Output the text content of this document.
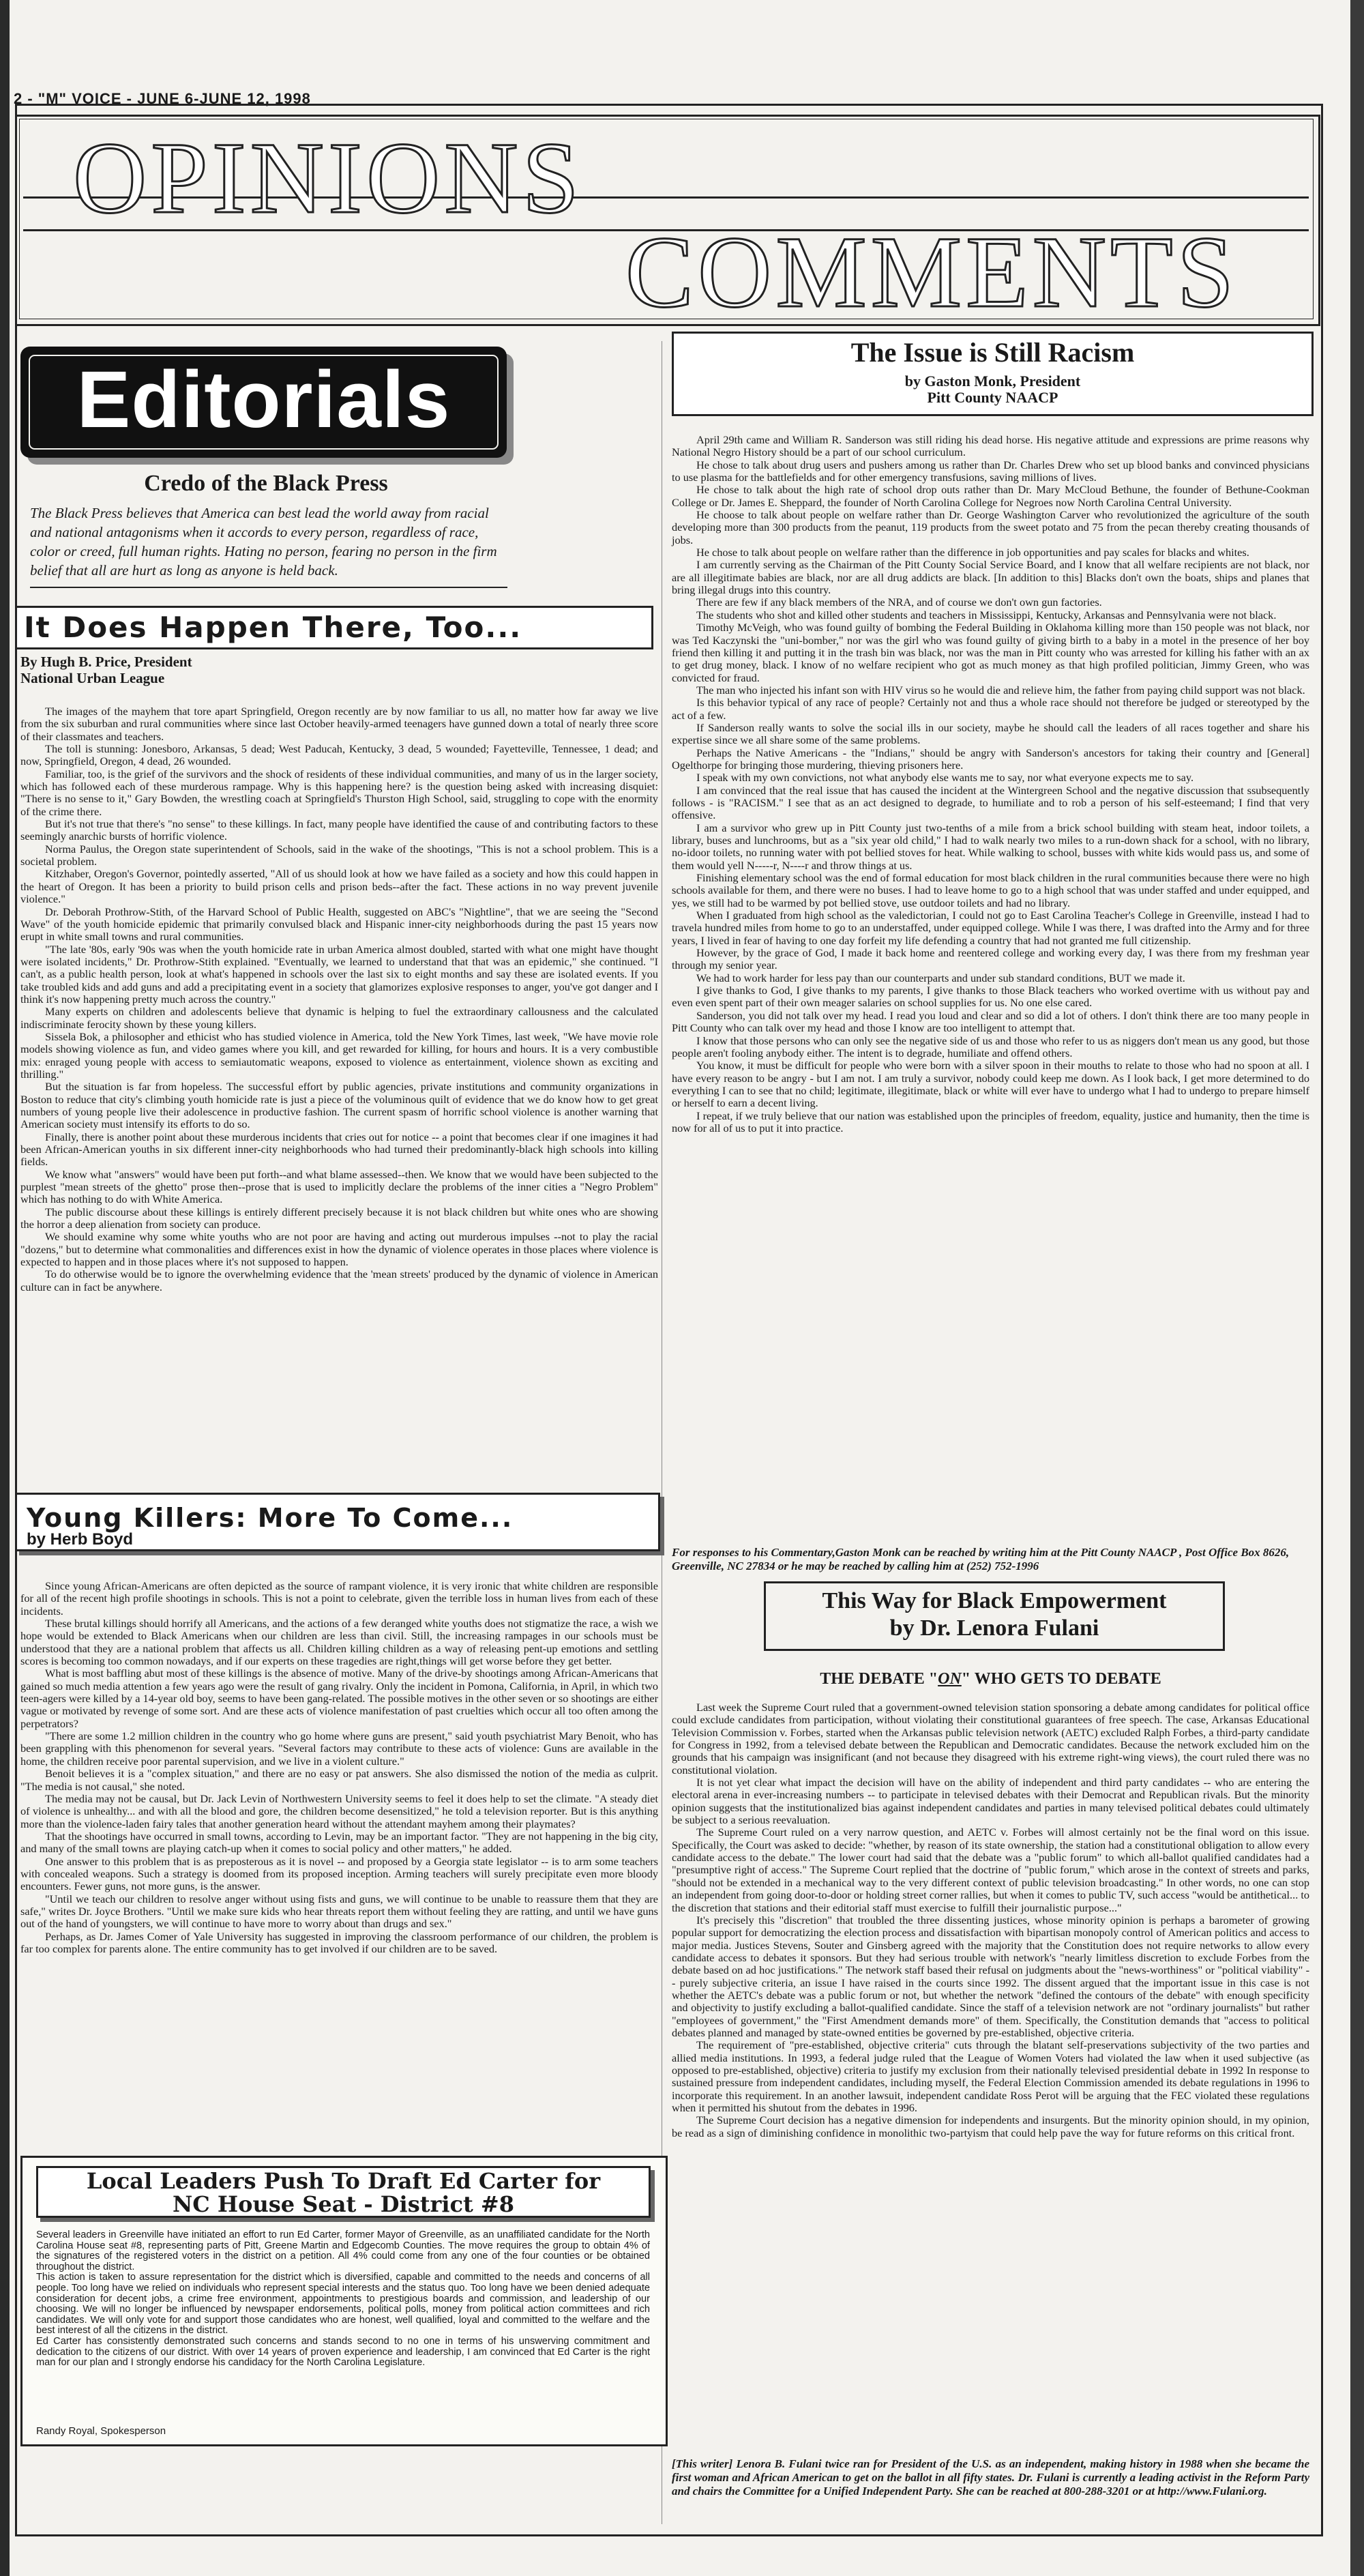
2 - "M" VOICE - JUNE 6-JUNE 12, 1998
OPINIONS
COMMENTS
Editorials
Credo of the Black Press
The Black Press believes that America can best lead the world away from racial and national antagonisms when it accords to every person, regardless of race, color or creed, full human rights. Hating no person, fearing no person in the firm belief that all are hurt as long as anyone is held back.
It Does Happen There, Too...
By Hugh B. Price, President
National Urban League

The images of the mayhem that tore apart Springfield, Oregon recently are by now familiar to us all, no matter how far away we live from the six suburban and rural communities where since last October heavily-armed teenagers have gunned down a total of nearly three score of their classmates and teachers.

The toll is stunning: Jonesboro, Arkansas, 5 dead; West Paducah, Kentucky, 3 dead, 5 wounded; Fayetteville, Tennessee, 1 dead; and now, Springfield, Oregon, 4 dead, 26 wounded.

Familiar, too, is the grief of the survivors and the shock of residents of these individual communities, and many of us in the larger society, which has followed each of these murderous rampage. Why is this happening here? is the question being asked with increasing disquiet: "There is no sense to it," Gary Bowden, the wrestling coach at Springfield's Thurston High School, said, struggling to cope with the enormity of the crime there.

But it's not true that there's "no sense" to these killings. In fact, many people have identified the cause of and contributing factors to these seemingly anarchic bursts of horrific violence.

Norma Paulus, the Oregon state superintendent of Schools, said in the wake of the shootings, "This is not a school problem. This is a societal problem.

Kitzhaber, Oregon's Governor, pointedly asserted, "All of us should look at how we have failed as a society and how this could happen in the heart of Oregon. It has been a priority to build prison cells and prison beds--after the fact. These actions in no way prevent juvenile violence."

Dr. Deborah Prothrow-Stith, of the Harvard School of Public Health, suggested on ABC's "Nightline", that we are seeing the "Second Wave" of the youth homicide epidemic that primarily convulsed black and Hispanic inner-city neighborhoods during the past 15 years now erupt in white small towns and rural communities.

"The late '80s, early '90s was when the youth homicide rate in urban America almost doubled, started with what one might have thought were isolated incidents," Dr. Prothrow-Stith explained. "Eventually, we learned to understand that that was an epidemic," she continued. "I can't, as a public health person, look at what's happened in schools over the last six to eight months and say these are isolated events. If you take troubled kids and add guns and add a precipitating event in a society that glamorizes explosive responses to anger, you've got danger and I think it's now happening pretty much across the country."

Many experts on children and adolescents believe that dynamic is helping to fuel the extraordinary callousness and the calculated indiscriminate ferocity shown by these young killers.

Sissela Bok, a philosopher and ethicist who has studied violence in America, told the New York Times, last week, "We have movie role models showing violence as fun, and video games where you kill, and get rewarded for killing, for hours and hours. It is a very combustible mix: enraged young people with access to semiautomatic weapons, exposed to violence as entertainment, violence shown as exciting and thrilling."

But the situation is far from hopeless. The successful effort by public agencies, private institutions and community organizations in Boston to reduce that city's climbing youth homicide rate is just a piece of the voluminous quilt of evidence that we do know how to get great numbers of young people live their adolescence in productive fashion. The current spasm of horrific school violence is another warning that American society must intensify its efforts to do so.

Finally, there is another point about these murderous incidents that cries out for notice -- a point that becomes clear if one imagines it had been African-American youths in six different inner-city neighborhoods who had turned their predominantly-black high schools into killing fields.

We know what "answers" would have been put forth--and what blame assessed--then. We know that we would have been subjected to the purplest "mean streets of the ghetto" prose then--prose that is used to implicitly declare the problems of the inner cities a "Negro Problem" which has nothing to do with White America.

The public discourse about these killings is entirely different precisely because it is not black children but white ones who are showing the horror a deep alienation from society can produce.

We should examine why some white youths who are not poor are having and acting out murderous impulses --not to play the racial "dozens," but to determine what commonalities and differences exist in how the dynamic of violence operates in those places where violence is expected to happen and in those places where it's not supposed to happen.

To do otherwise would be to ignore the overwhelming evidence that the 'mean streets' produced by the dynamic of violence in American culture can in fact be anywhere.

Young Killers: More To Come...
by Herb Boyd

Since young African-Americans are often depicted as the source of rampant violence, it is very ironic that white children are responsible for all of the recent high profile shootings in schools. This is not a point to celebrate, given the terrible loss in human lives from each of these incidents.

These brutal killings should horrify all Americans, and the actions of a few deranged white youths does not stigmatize the race, a wish we hope would be extended to Black Americans when our children are less than civil. Still, the increasing rampages in our schools must be understood that they are a national problem that affects us all. Children killing children as a way of releasing pent-up emotions and settling scores is becoming too common nowadays, and if our experts on these tragedies are right,things will get worse before they get better.

What is most baffling abut most of these killings is the absence of motive. Many of the drive-by shootings among African-Americans that gained so much media attention a few years ago were the result of gang rivalry. Only the incident in Pomona, California, in April, in which two teen-agers were killed by a 14-year old boy, seems to have been gang-related. The possible motives in the other seven or so shootings are either vague or motivated by revenge of some sort. And are these acts of violence manifestation of past cruelties which occur all too often among the perpetrators?

"There are some 1.2 million children in the country who go home where guns are present," said youth psychiatrist Mary Benoit, who has been grappling with this phenomenon for several years. "Several factors may contribute to these acts of violence: Guns are available in the home, the children receive poor parental supervision, and we live in a violent culture."

Benoit believes it is a "complex situation," and there are no easy or pat answers. She also dismissed the notion of the media as culprit. "The media is not causal," she noted.

The media may not be causal, but Dr. Jack Levin of Northwestern University seems to feel it does help to set the climate. "A steady diet of violence is unhealthy... and with all the blood and gore, the children become desensitized," he told a television reporter. But is this anything more than the violence-laden fairy tales that another generation heard without the attendant mayhem among their playmates?

That the shootings have occurred in small towns, according to Levin, may be an important factor. "They are not happening in the big city, and many of the small towns are playing catch-up when it comes to social policy and other matters," he added.

One answer to this problem that is as preposterous as it is novel -- and proposed by a Georgia state legislator -- is to arm some teachers with concealed weapons. Such a strategy is doomed from its proposed inception. Arming teachers will surely precipitate even more bloody encounters. Fewer guns, not more guns, is the answer.

"Until we teach our children to resolve anger without using fists and guns, we will continue to be unable to reassure them that they are safe," writes Dr. Joyce Brothers. "Until we make sure kids who hear threats report them without feeling they are ratting, and until we have guns out of the hand of youngsters, we will continue to have more to worry about than drugs and sex."

Perhaps, as Dr. James Comer of Yale University has suggested in improving the classroom performance of our children, the problem is far too complex for parents alone. The entire community has to get involved if our children are to be saved.

Local Leaders Push To Draft Ed Carter for
NC House Seat - District #8

Several leaders in Greenville have initiated an effort to run Ed Carter, former Mayor of Greenville, as an unaffiliated candidate for the North Carolina House seat #8, representing parts of Pitt, Greene Martin and Edgecomb Counties. The move requires the group to obtain 4% of the signatures of the registered voters in the district on a petition. All 4% could come from any one of the four counties or be obtained throughout the district.

This action is taken to assure representation for the district which is diversified, capable and committed to the needs and concerns of all people. Too long have we relied on individuals who represent special interests and the status quo. Too long have we been denied adequate consideration for decent jobs, a crime free environment, appointments to prestigious boards and commission, and leadership of our choosing. We will no longer be influenced by newspaper endorsements, political polls, money from political action committees and rich candidates. We will only vote for and support those candidates who are honest, well qualified, loyal and committed to the welfare and the best interest of all the citizens in the district.

Ed Carter has consistently demonstrated such concerns and stands second to no one in terms of his unswerving commitment and dedication to the citizens of our district. With over 14 years of proven experience and leadership, I am convinced that Ed Carter is the right man for our plan and I strongly endorse his candidacy for the North Carolina Legislature.

Randy Royal, Spokesperson
The Issue is Still Racism
by Gaston Monk, President
Pitt County NAACP

April 29th came and William R. Sanderson was still riding his dead horse. His negative attitude and expressions are prime reasons why National Negro History should be a part of our school curriculum.

He chose to talk about drug users and pushers among us rather than Dr. Charles Drew who set up blood banks and convinced physicians to use plasma for the battlefields and for other emergency transfusions, saving millions of lives.

He chose to talk about the high rate of school drop outs rather than Dr. Mary McCloud Bethune, the founder of Bethune-Cookman College or Dr. James E. Sheppard, the founder of North Carolina College for Negroes now North Carolina Central University.

He choose to talk about people on welfare rather than Dr. George Washington Carver who revolutionized the agriculture of the south developing more than 300 products from the peanut, 119 products from the sweet potato and 75 from the pecan thereby creating thousands of jobs.

He chose to talk about people on welfare rather than the difference in job opportunities and pay scales for blacks and whites.

I am currently serving as the Chairman of the Pitt County Social Service Board, and I know that all welfare recipients are not black, nor are all illegitimate babies are black, nor are all drug addicts are black. [In addition to this] Blacks don't own the boats, ships and planes that bring illegal drugs into this country.

There are few if any black members of the NRA, and of course we don't own gun factories.

The students who shot and killed other students and teachers in Mississippi, Kentucky, Arkansas and Pennsylvania were not black.

Timothy McVeigh, who was found guilty of bombing the Federal Building in Oklahoma killing more than 150 people was not black, nor was Ted Kaczynski the "uni-bomber," nor was the girl who was found guilty of giving birth to a baby in a motel in the presence of her boy friend then killing it and putting it in the trash bin was black, nor was the man in Pitt county who was arrested for killing his father with an ax to get drug money, black. I know of no welfare recipient who got as much money as that high profiled politician, Jimmy Green, who was convicted for fraud.

The man who injected his infant son with HIV virus so he would die and relieve him, the father from paying child support was not black.

Is this behavior typical of any race of people? Certainly not and thus a whole race should not therefore be judged or stereotyped by the act of a few.

If Sanderson really wants to solve the social ills in our society, maybe he should call the leaders of all races together and share his expertise since we all share some of the same problems.

Perhaps the Native Americans - the "Indians," should be angry with Sanderson's ancestors for taking their country and [General] Ogelthorpe for bringing those murdering, thieving prisoners here.

I speak with my own convictions, not what anybody else wants me to say, nor what everyone expects me to say.

I am convinced that the real issue that has caused the incident at the Wintergreen School and the negative discussion that ssubsequently follows - is "RACISM." I see that as an act designed to degrade, to humiliate and to rob a person of his self-esteemand; I find that very offensive.

I am a survivor who grew up in Pitt County just two-tenths of a mile from a brick school building with steam heat, indoor toilets, a library, buses and lunchrooms, but as a "six year old child," I had to walk nearly two miles to a run-down shack for a school, with no library, no-idoor toilets, no running water with pot bellied stoves for heat. While walking to school, busses with white kids would pass us, and some of them would yell N-----r, N----r and throw things at us.

Finishing elementary school was the end of formal education for most black children in the rural communities because there were no high schools available for them, and there were no buses. I had to leave home to go to a high school that was under staffed and under equipped, and yes, we still had to be warmed by pot bellied stove, use outdoor toilets and had no library.

When I graduated from high school as the valedictorian, I could not go to East Carolina Teacher's College in Greenville, instead I had to travela hundred miles from home to go to an understaffed, under equipped college. While I was there, I was drafted into the Army and for three years, I lived in fear of having to one day forfeit my life defending a country that had not granted me full citizenship.

However, by the grace of God, I made it back home and reentered college and working every day, I was there from my freshman year through my senior year.

We had to work harder for less pay than our counterparts and under sub standard conditions, BUT we made it.

I give thanks to God, I give thanks to my parents, I give thanks to those Black teachers who worked overtime with us without pay and even even spent part of their own meager salaries on school supplies for us. No one else cared.

Sanderson, you did not talk over my head. I read you loud and clear and so did a lot of others. I don't think there are too many people in Pitt County who can talk over my head and those I know are too intelligent to attempt that.

I know that those persons who can only see the negative side of us and those who refer to us as niggers don't mean us any good, but those people aren't fooling anybody either. The intent is to degrade, humiliate and offend others.

You know, it must be difficult for people who were born with a silver spoon in their mouths to relate to those who had no spoon at all. I have every reason to be angry - but I am not. I am truly a survivor, nobody could keep me down. As I look back, I get more determined to do everything I can to see that no child; legitimate, illegitimate, black or white will ever have to undergo what I had to undergo to prepare himself or herself to earn a decent living.

I repeat, if we truly believe that our nation was established upon the principles of freedom, equality, justice and humanity, then the time is now for all of us to put it into practice.

For responses to his Commentary,Gaston Monk can be reached by writing him at the Pitt County NAACP , Post Office Box 8626, Greenville, NC 27834 or he may be reached by calling him at (252) 752-1996
This Way for Black Empowerment
by Dr. Lenora Fulani
THE DEBATE "ON" WHO GETS TO DEBATE

Last week the Supreme Court ruled that a government-owned television station sponsoring a debate among candidates for political office could exclude candidates from participation, without violating their constitutional guarantees of free speech. The case, Arkansas Educational Television Commission v. Forbes, started when the Arkansas public television network (AETC) excluded Ralph Forbes, a third-party candidate for Congress in 1992, from a televised debate between the Republican and Democratic candidates. Because the network excluded him on the grounds that his campaign was insignificant (and not because they disagreed with his extreme right-wing views), the court ruled there was no constitutional violation.

It is not yet clear what impact the decision will have on the ability of independent and third party candidates -- who are entering the electoral arena in ever-increasing numbers -- to participate in televised debates with their Democrat and Republican rivals. But the minority opinion suggests that the institutionalized bias against independent candidates and parties in many televised political debates could ultimately be subject to a serious reevaluation.

The Supreme Court ruled on a very narrow question, and AETC v. Forbes will almost certainly not be the final word on this issue. Specifically, the Court was asked to decide: "whether, by reason of its state ownership, the station had a constitutional obligation to allow every candidate access to the debate." The lower court had said that the debate was a "public forum" to which all-ballot qualified candidates had a "presumptive right of access." The Supreme Court replied that the doctrine of "public forum," which arose in the context of streets and parks, "should not be extended in a mechanical way to the very different context of public television broadcasting." In other words, no one can stop an independent from going door-to-door or holding street corner rallies, but when it comes to public TV, such access "would be antithetical... to the discretion that stations and their editorial staff must exercise to fulfill their journalistic purpose..."

It's precisely this "discretion" that troubled the three dissenting justices, whose minority opinion is perhaps a barometer of growing popular support for democratizing the election process and dissatisfaction with bipartisan monopoly control of American politics and access to major media. Justices Stevens, Souter and Ginsberg agreed with the majority that the Constitution does not require networks to allow every candidate access to debates it sponsors. But they had serious trouble with network's "nearly limitless discretion to exclude Forbes from the debate based on ad hoc justifications." The network staff based their refusal on judgments about the "news-worthiness" or "political viability" -- purely subjective criteria, an issue I have raised in the courts since 1992. The dissent argued that the important issue in this case is not whether the AETC's debate was a public forum or not, but whether the network "defined the contours of the debate" with enough specificity and objectivity to justify excluding a ballot-qualified candidate. Since the staff of a television network are not "ordinary journalists" but rather "employees of government," the "First Amendment demands more" of them. Specifically, the Constitution demands that "access to political debates planned and managed by state-owned entities be governed by pre-established, objective criteria.

The requirement of "pre-established, objective criteria" cuts through the blatant self-preservations subjectivity of the two parties and allied media institutions. In 1993, a federal judge ruled that the League of Women Voters had violated the law when it used subjective (as opposed to pre-established, objective) criteria to justify my exclusion from their nationally televised presidential debate in 1992 In response to sustained pressure from independent candidates, including myself, the Federal Election Commission amended its debate regulations in 1996 to incorporate this requirement. In an another lawsuit, independent candidate Ross Perot will be arguing that the FEC violated these regulations when it permitted his shutout from the debates in 1996.

The Supreme Court decision has a negative dimension for independents and insurgents. But the minority opinion should, in my opinion, be read as a sign of diminishing confidence in monolithic two-partyism that could help pave the way for future reforms on this critical front.

[This writer] Lenora B. Fulani twice ran for President of the U.S. as an independent, making history in 1988 when she became the first woman and African American to get on the ballot in all fifty states. Dr. Fulani is currently a leading activist in the Reform Party and chairs the Committee for a Unified Independent Party. She can be reached at 800-288-3201 or at http://www.Fulani.org.
